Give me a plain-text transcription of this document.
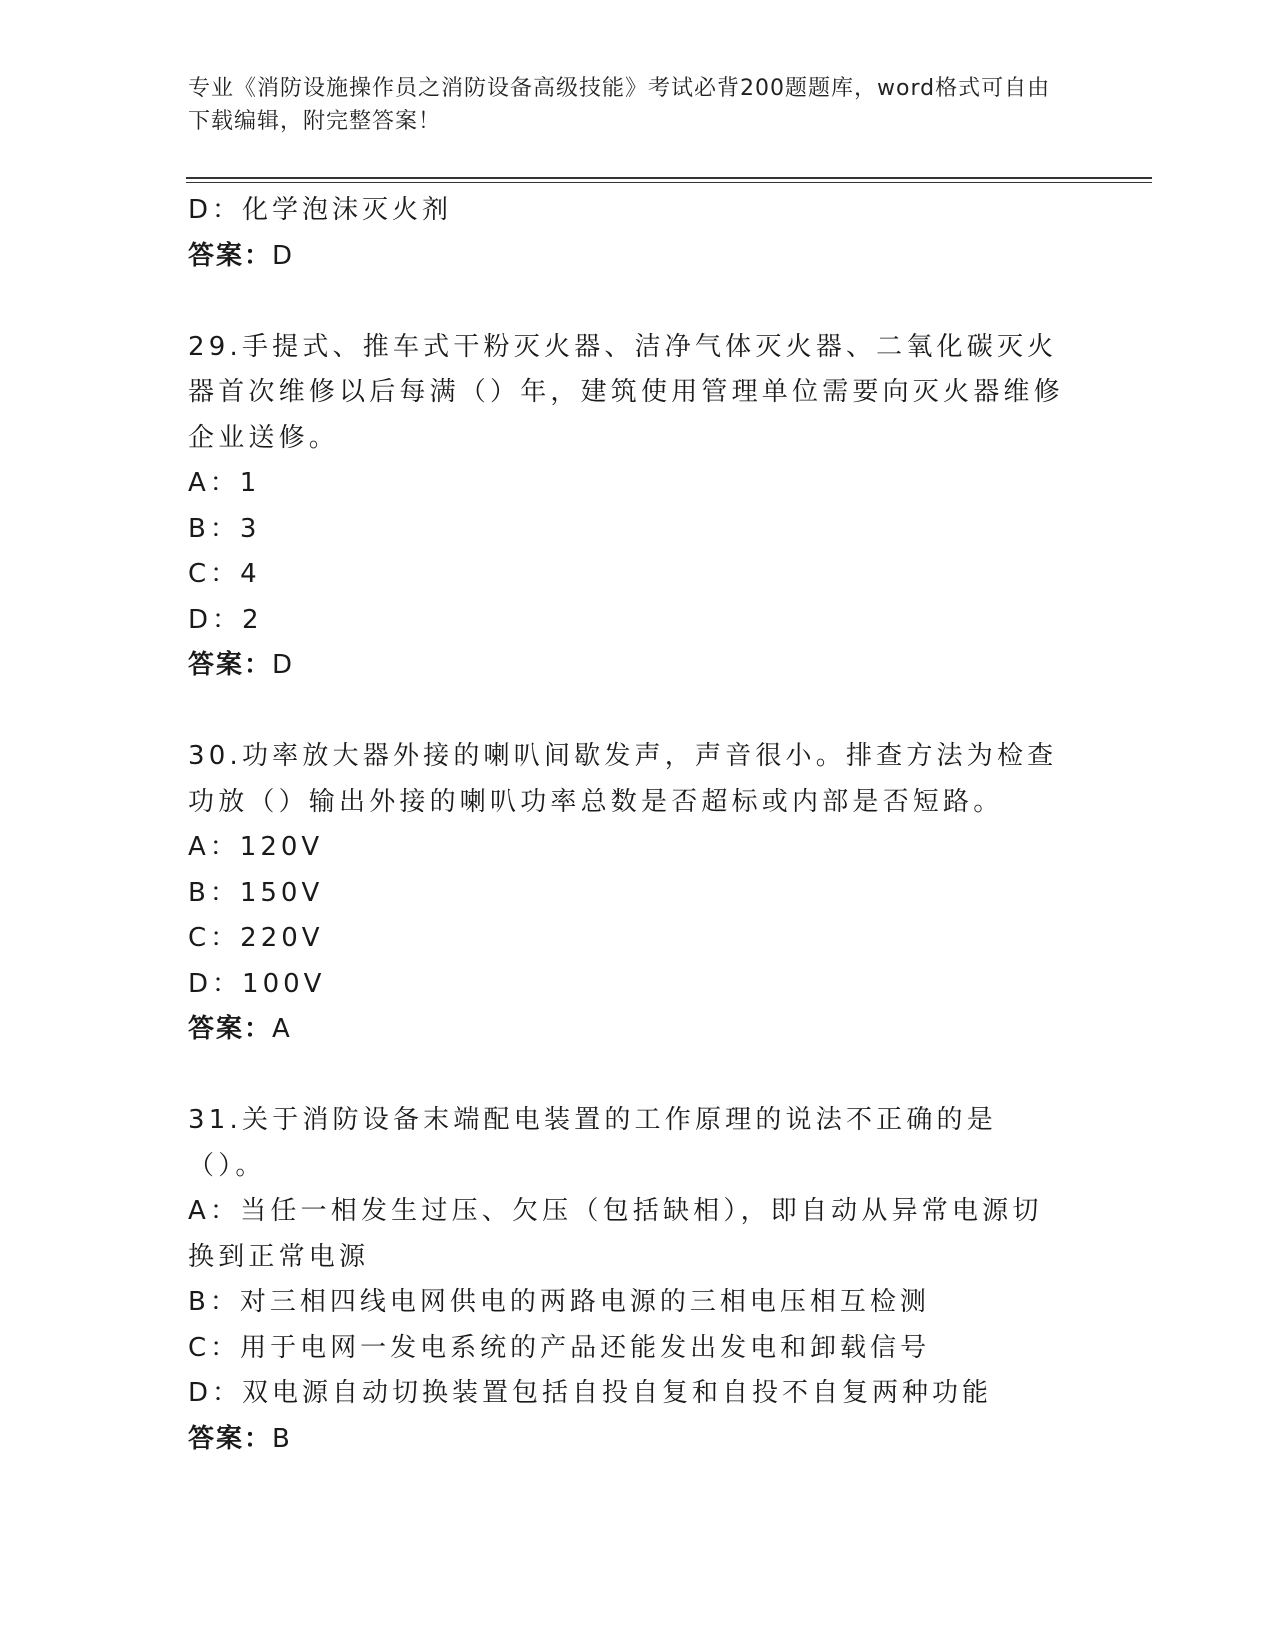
专业《消防设施操作员之消防设备高级技能》考试必背200题题库，word格式可自由下载编辑，附完整答案！
D：化学泡沫灭火剂
答案：D
29.手提式、推车式干粉灭火器、洁净气体灭火器、二氧化碳灭火器首次维修以后每满（）年，建筑使用管理单位需要向灭火器维修企业送修。
A：1
B：3
C：4
D：2
答案：D
30.功率放大器外接的喇叭间歇发声，声音很小。排查方法为检查功放（）输出外接的喇叭功率总数是否超标或内部是否短路。
A：120V
B：150V
C：220V
D：100V
答案：A
31.关于消防设备末端配电装置的工作原理的说法不正确的是（）。
A：当任一相发生过压、欠压（包括缺相），即自动从异常电源切换到正常电源
B：对三相四线电网供电的两路电源的三相电压相互检测
C：用于电网一发电系统的产品还能发出发电和卸载信号
D：双电源自动切换装置包括自投自复和自投不自复两种功能
答案：B
